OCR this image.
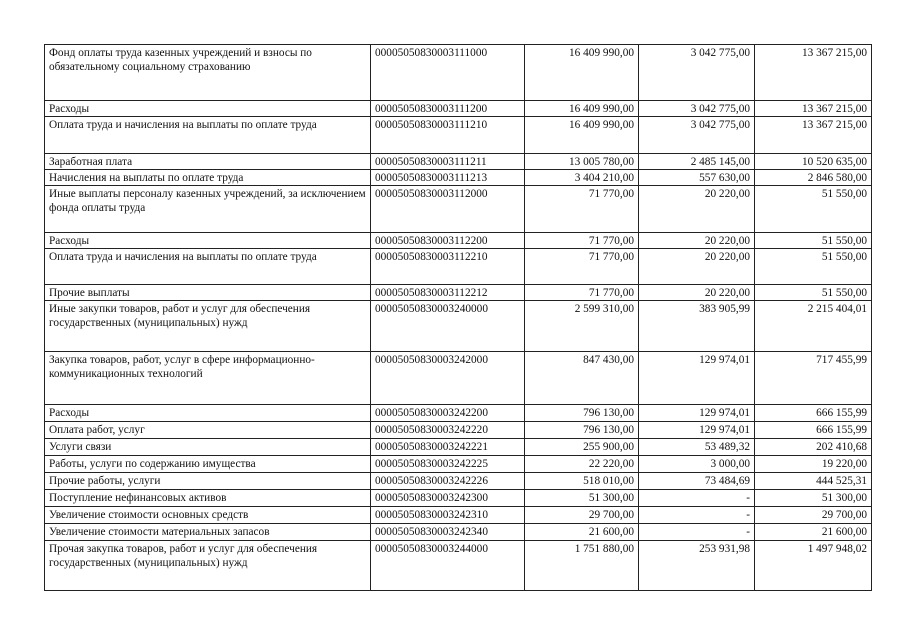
Фонд оплаты труда казенных учреждений и взносы по обязательному социальному страхованию	00005050830003111000	16 409 990,00	3 042 775,00	13 367 215,00
Расходы	00005050830003111200	16 409 990,00	3 042 775,00	13 367 215,00
Оплата труда и начисления на выплаты по оплате труда	00005050830003111210	16 409 990,00	3 042 775,00	13 367 215,00
Заработная плата	00005050830003111211	13 005 780,00	2 485 145,00	10 520 635,00
Начисления на выплаты по оплате труда	00005050830003111213	3 404 210,00	557 630,00	2 846 580,00
Иные выплаты персоналу казенных учреждений, за исключением фонда оплаты труда	00005050830003112000	71 770,00	20 220,00	51 550,00
Расходы	00005050830003112200	71 770,00	20 220,00	51 550,00
Оплата труда и начисления на выплаты по оплате труда	00005050830003112210	71 770,00	20 220,00	51 550,00
Прочие выплаты	00005050830003112212	71 770,00	20 220,00	51 550,00
Иные закупки товаров, работ и услуг для обеспечения государственных (муниципальных) нужд	00005050830003240000	2 599 310,00	383 905,99	2 215 404,01
Закупка товаров, работ, услуг в сфере информационно-коммуникационных технологий	00005050830003242000	847 430,00	129 974,01	717 455,99
Расходы	00005050830003242200	796 130,00	129 974,01	666 155,99
Оплата работ, услуг	00005050830003242220	796 130,00	129 974,01	666 155,99
Услуги связи	00005050830003242221	255 900,00	53 489,32	202 410,68
Работы, услуги по содержанию имущества	00005050830003242225	22 220,00	3 000,00	19 220,00
Прочие работы, услуги	00005050830003242226	518 010,00	73 484,69	444 525,31
Поступление нефинансовых активов	00005050830003242300	51 300,00	-	51 300,00
Увеличение стоимости основных средств	00005050830003242310	29 700,00	-	29 700,00
Увеличение стоимости материальных запасов	00005050830003242340	21 600,00	-	21 600,00
Прочая закупка товаров, работ и услуг для обеспечения государственных (муниципальных) нужд	00005050830003244000	1 751 880,00	253 931,98	1 497 948,02
